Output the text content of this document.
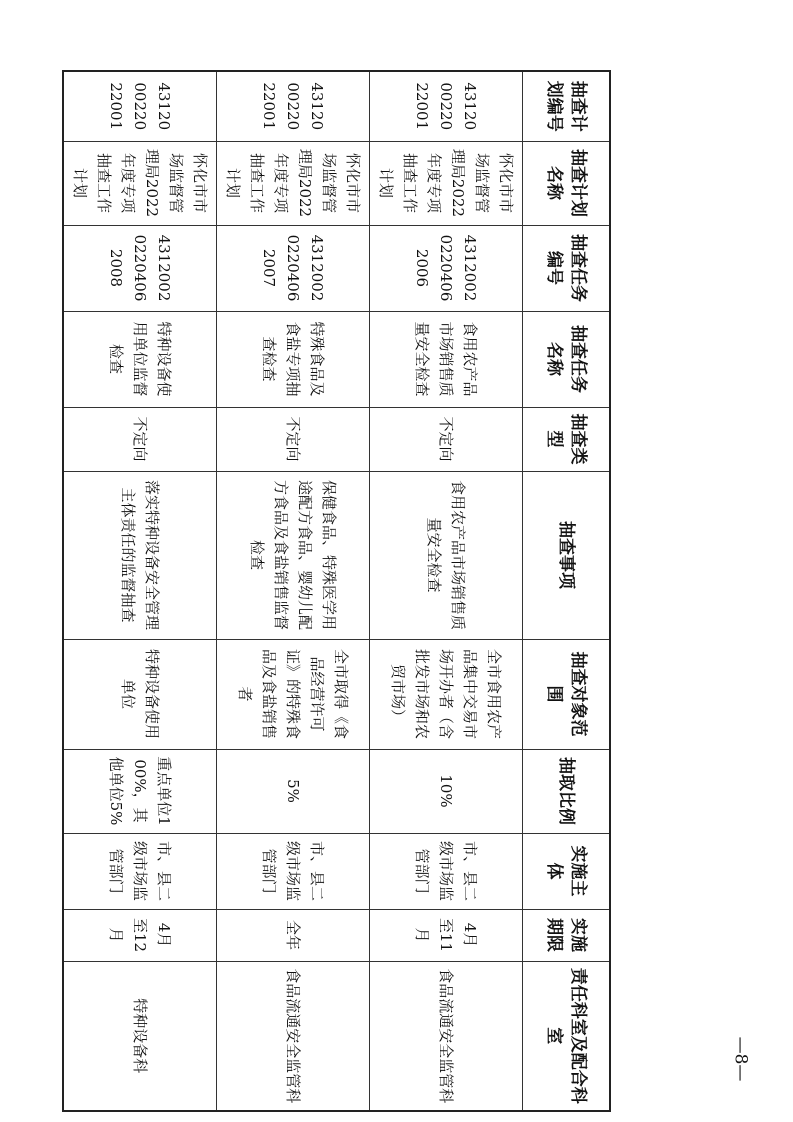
抽查计划编号	抽查计划名称	抽查任务编号	抽查任务名称	抽查类型	抽查事项	抽查对象范围	抽取比例	实施主体	实施期限	责任科室及配合科室
431200022022001	怀化市市场监督管理局2022年度专项抽查工作计划	431200202204062006	食用农产品市场销售质量安全检查	不定向	食用农产品市场销售质量安全检查	全市食用农产品集中交易市场开办者（含批发市场和农贸市场）	10%	市、县二级市场监管部门	4月至11月	食品流通安全监管科
431200022022001	怀化市市场监督管理局2022年度专项抽查工作计划	431200202204062007	特殊食品及食盐专项抽查检查	不定向	保健食品、特殊医学用途配方食品、婴幼儿配方食品及食盐销售监督检查	全市取得《食品经营许可证》的特殊食品及食盐销售者	5%	市、县二级市场监管部门	全年	食品流通安全监管科
431200022022001	怀化市市场监督管理局2022年度专项抽查工作计划	431200202204062008	特种设备使用单位监督检查	不定向	落实特种设备安全管理主体责任的监督抽查	特种设备使用单位	重点单位100%，其他单位5%	市、县二级市场监管部门	4月至12月	特种设备科	—8—
